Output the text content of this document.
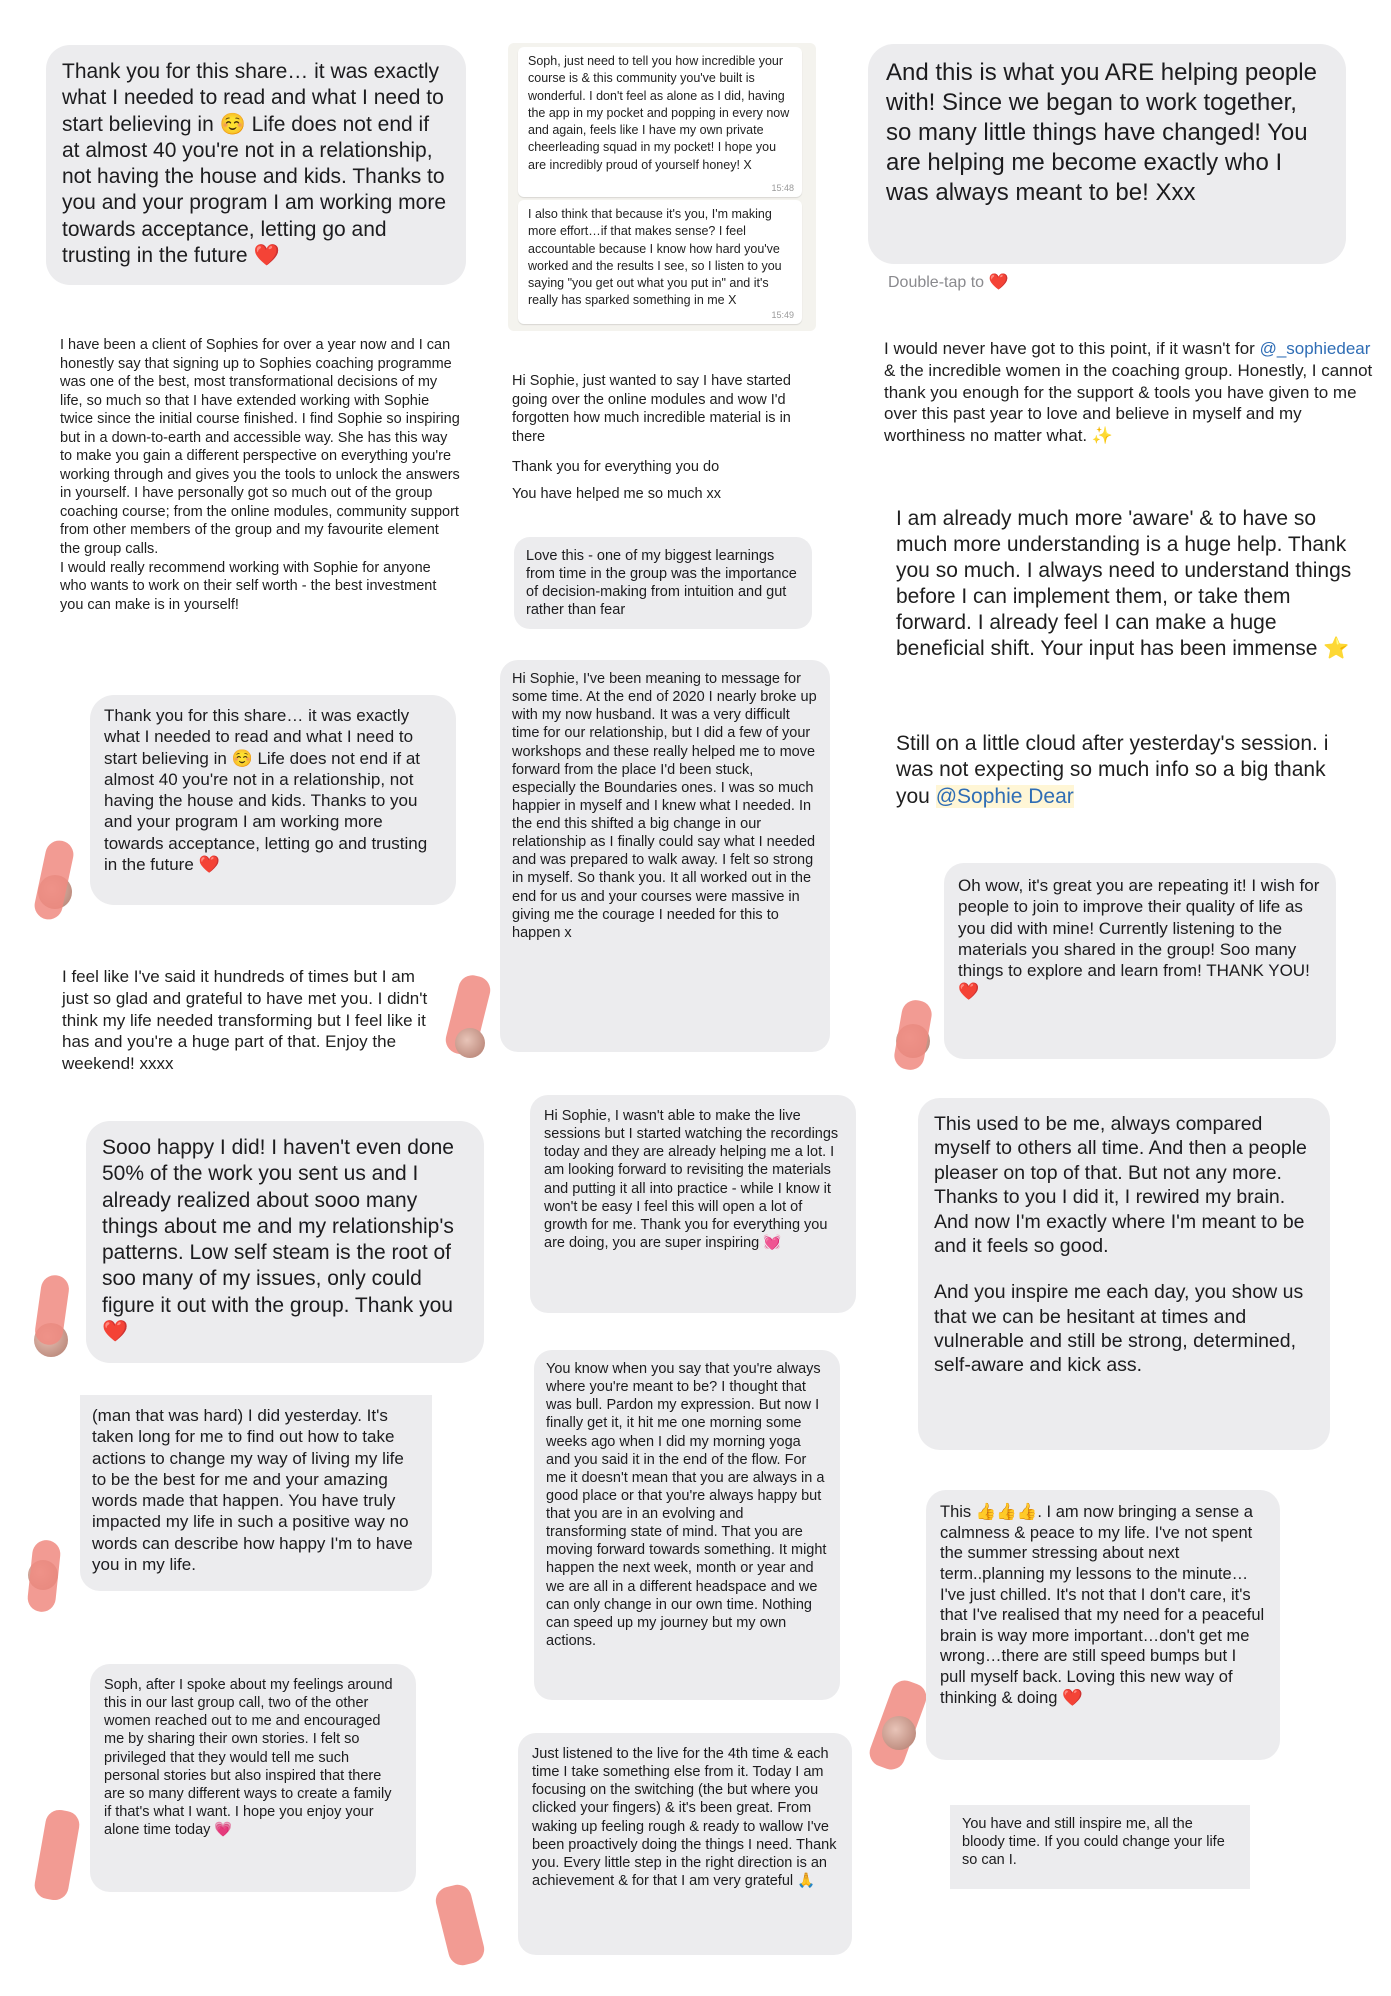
Thank you for this share… it was exactly what I needed to read and what I need to start believing in ☺️ Life does not end if at almost 40 you're not in a relationship, not having the house and kids. Thanks to you and your program I am working more towards acceptance, letting go and trusting in the future ❤️
I have been a client of Sophies for over a year now and I can honestly say that signing up to Sophies coaching programme was one of the best, most transformational decisions of my life, so much so that I have extended working with Sophie twice since the initial course finished. I find Sophie so inspiring but in a down-to-earth and accessible way. She has this way to make you gain a different perspective on everything you're working through and gives you the tools to unlock the answers in yourself. I have personally got so much out of the group coaching course; from the online modules, community support from other members of the group and my favourite element the group calls.
I would really recommend working with Sophie for anyone who wants to work on their self worth - the best investment you can make is in yourself!
Thank you for this share… it was exactly what I needed to read and what I need to start believing in ☺️ Life does not end if at almost 40 you're not in a relationship, not having the house and kids. Thanks to you and your program I am working more towards acceptance, letting go and trusting in the future ❤️
I feel like I've said it hundreds of times but I am just so glad and grateful to have met you. I didn't think my life needed transforming but I feel like it has and you're a huge part of that. Enjoy the weekend! xxxx
Sooo happy I did! I haven't even done 50% of the work you sent us and I already realized about sooo many things about me and my relationship's patterns. Low self steam is the root of soo many of my issues, only could figure it out with the group. Thank you ❤️
(man that was hard) I did yesterday. It's taken long for me to find out how to take actions to change my way of living my life to be the best for me and your amazing words made that happen. You have truly impacted my life in such a positive way no words can describe how happy I'm to have you in my life.
Soph, after I spoke about my feelings around this in our last group call, two of the other women reached out to me and encouraged me by sharing their own stories. I felt so privileged that they would tell me such personal stories but also inspired that there are so many different ways to create a family if that's what I want. I hope you enjoy your alone time today 💗
Soph, just need to tell you how incredible your course is & this community you've built is wonderful. I don't feel as alone as I did, having the app in my pocket and popping in every now and again, feels like I have my own private cheerleading squad in my pocket! I hope you are incredibly proud of yourself honey! X
15:48
I also think that because it's you, I'm making more effort…if that makes sense? I feel accountable because I know how hard you've worked and the results I see, so I listen to you saying "you get out what you put in" and it's really has sparked something in me X
15:49
Hi Sophie, just wanted to say I have started going over the online modules and wow I'd forgotten how much incredible material is in there
Thank you for everything you do
You have helped me so much xx
Love this - one of my biggest learnings from time in the group was the importance of decision-making from intuition and gut rather than fear
Hi Sophie, I've been meaning to message for some time. At the end of 2020 I nearly broke up with my now husband. It was a very difficult time for our relationship, but I did a few of your workshops and these really helped me to move forward from the place I'd been stuck, especially the Boundaries ones. I was so much happier in myself and I knew what I needed. In the end this shifted a big change in our relationship as I finally could say what I needed and was prepared to walk away. I felt so strong in myself. So thank you. It all worked out in the end for us and your courses were massive in giving me the courage I needed for this to happen x
Hi Sophie, I wasn't able to make the live sessions but I started watching the recordings today and they are already helping me a lot. I am looking forward to revisiting the materials and putting it all into practice - while I know it won't be easy I feel this will open a lot of growth for me. Thank you for everything you are doing, you are super inspiring 💓
You know when you say that you're always where you're meant to be? I thought that was bull. Pardon my expression. But now I finally get it, it hit me one morning some weeks ago when I did my morning yoga and you said it in the end of the flow. For me it doesn't mean that you are always in a good place or that you're always happy but that you are in an evolving and transforming state of mind. That you are moving forward towards something. It might happen the next week, month or year and we are all in a different headspace and we can only change in our own time. Nothing can speed up my journey but my own actions.
Just listened to the live for the 4th time & each time I take something else from it. Today I am focusing on the switching (the but where you clicked your fingers) & it's been great. From waking up feeling rough & ready to wallow I've been proactively doing the things I need. Thank you. Every little step in the right direction is an achievement & for that I am very grateful 🙏
And this is what you ARE helping people with! Since we began to work together, so many little things have changed! You are helping me become exactly who I was always meant to be! Xxx
Double-tap to ❤️
I would never have got to this point, if it wasn't for @_sophiedear & the incredible women in the coaching group. Honestly, I cannot thank you enough for the support & tools you have given to me over this past year to love and believe in myself and my worthiness no matter what. ✨
I am already much more 'aware' & to have so much more understanding is a huge help. Thank you so much. I always need to understand things before I can implement them, or take them forward. I already feel I can make a huge beneficial shift. Your input has been immense ⭐
Still on a little cloud after yesterday's session. i was not expecting so much info so a big thank you @Sophie Dear
Oh wow, it's great you are repeating it! I wish for people to join to improve their quality of life as you did with mine! Currently listening to the materials you shared in the group! Soo many things to explore and learn from! THANK YOU! ❤️
This used to be me, always compared myself to others all time. And then a people pleaser on top of that. But not any more. Thanks to you I did it, I rewired my brain. And now I'm exactly where I'm meant to be and it feels so good.
And you inspire me each day, you show us that we can be hesitant at times and vulnerable and still be strong, determined, self-aware and kick ass.
This 👍👍👍. I am now bringing a sense a calmness & peace to my life. I've not spent the summer stressing about next term..planning my lessons to the minute…I've just chilled. It's not that I don't care, it's that I've realised that my need for a peaceful brain is way more important…don't get me wrong…there are still speed bumps but I pull myself back. Loving this new way of thinking & doing ❤️
You have and still inspire me, all the bloody time. If you could change your life so can I.
